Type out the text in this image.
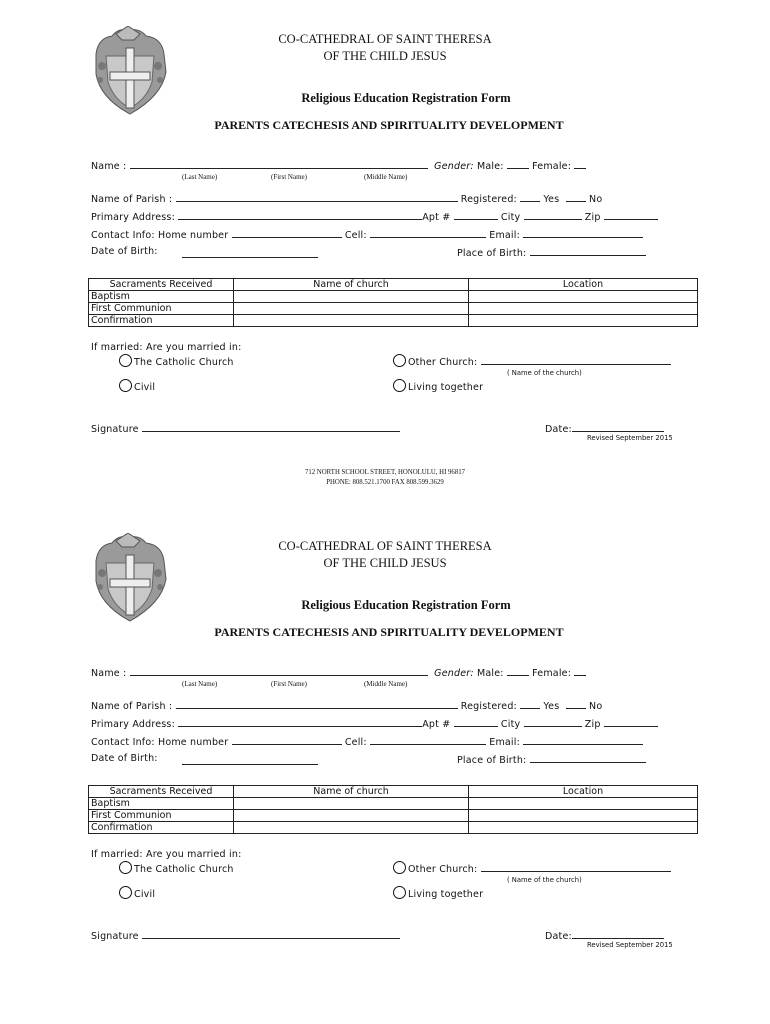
CO-CATHEDRAL OF SAINT THERESA
OF THE CHILD JESUS
Religious Education Registration Form
PARENTS CATECHESIS AND SPIRITUALITY DEVELOPMENT
Name :	Gender: Male:	Female:
(Last Name)	(First Name)	(Middle Name)
Name of Parish :	Registered:	Yes	No
Primary Address:	Apt #	City	Zip
Contact Info: Home number	Cell:	Email:
Date of Birth:	Place of Birth:
Sacraments Received	Name of church	Location
Baptism		
First Communion		
Confirmation		
If married: Are you married in:
The Catholic Church	Other Church:
( Name of the church)
Civil	Living together
Signature	Date:
Revised September 2015
712 NORTH SCHOOL STREET, HONOLULU, HI 96817
PHONE: 808.521.1700 FAX 808.599.3629
CO-CATHEDRAL OF SAINT THERESA
OF THE CHILD JESUS
Religious Education Registration Form
PARENTS CATECHESIS AND SPIRITUALITY DEVELOPMENT
Name :	Gender: Male:	Female:
(Last Name)	(First Name)	(Middle Name)
Name of Parish :	Registered:	Yes	No
Primary Address:	Apt #	City	Zip
Contact Info: Home number	Cell:	Email:
Date of Birth:	Place of Birth:
Sacraments Received	Name of church	Location
Baptism		
First Communion		
Confirmation		
If married: Are you married in:
The Catholic Church	Other Church:
( Name of the church)
Civil	Living together
Signature	Date:
Revised September 2015
